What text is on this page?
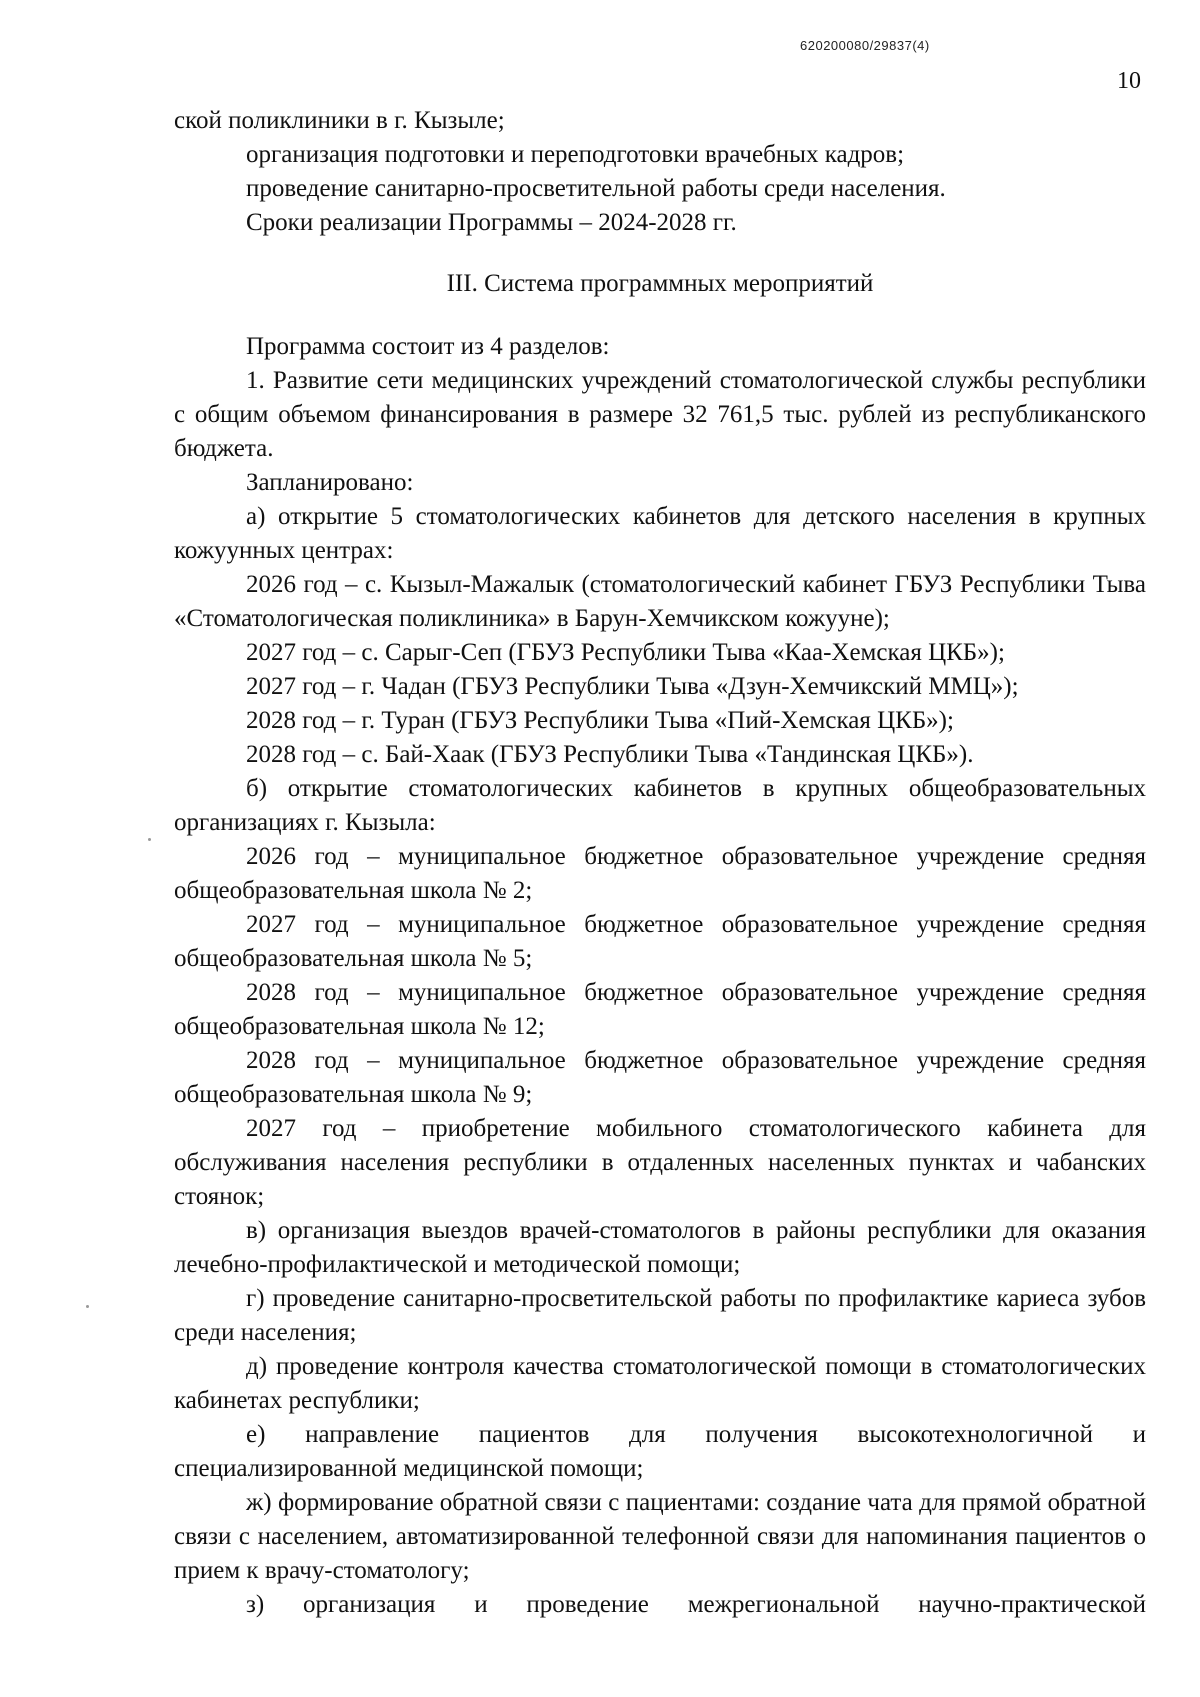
620200080/29837(4)
10

ской поликлиники в г. Кызыле;

организация подготовки и переподготовки врачебных кадров;

проведение санитарно-просветительной работы среди населения.

Сроки реализации Программы – 2024-2028 гг.

III. Система программных мероприятий

Программа состоит из 4 разделов:

1. Развитие сети медицинских учреждений стоматологической службы республики с общим объемом финансирования в размере 32 761,5 тыс. рублей из республиканского бюджета.

Запланировано:

а) открытие 5 стоматологических кабинетов для детского населения в крупных кожуунных центрах:

2026 год – с. Кызыл-Мажалык (стоматологический кабинет ГБУЗ Республики Тыва «Стоматологическая поликлиника» в Барун-Хемчикском кожууне);

2027 год – с. Сарыг-Сеп (ГБУЗ Республики Тыва «Каа-Хемская ЦКБ»);

2027 год – г. Чадан (ГБУЗ Республики Тыва «Дзун-Хемчикский ММЦ»);

2028 год – г. Туран (ГБУЗ Республики Тыва «Пий-Хемская ЦКБ»);

2028 год – с. Бай-Хаак (ГБУЗ Республики Тыва «Тандинская ЦКБ»).

б) открытие стоматологических кабинетов в крупных общеобразовательных организациях г. Кызыла:

2026 год – муниципальное бюджетное образовательное учреждение средняя общеобразовательная школа № 2;

2027 год – муниципальное бюджетное образовательное учреждение средняя общеобразовательная школа № 5;

2028 год – муниципальное бюджетное образовательное учреждение средняя общеобразовательная школа № 12;

2028 год – муниципальное бюджетное образовательное учреждение средняя общеобразовательная школа № 9;

2027 год – приобретение мобильного стоматологического кабинета для обслуживания населения республики в отдаленных населенных пунктах и чабанских стоянок;

в) организация выездов врачей-стоматологов в районы республики для оказания лечебно-профилактической и методической помощи;

г) проведение санитарно-просветительской работы по профилактике кариеса зубов среди населения;

д) проведение контроля качества стоматологической помощи в стоматологических кабинетах республики;

е) направление пациентов для получения высокотехнологичной и специализированной медицинской помощи;

ж) формирование обратной связи с пациентами: создание чата для прямой обратной связи с населением, автоматизированной телефонной связи для напоминания пациентов о прием к врачу-стоматологу;

з) организация и проведение межрегиональной научно-практической
